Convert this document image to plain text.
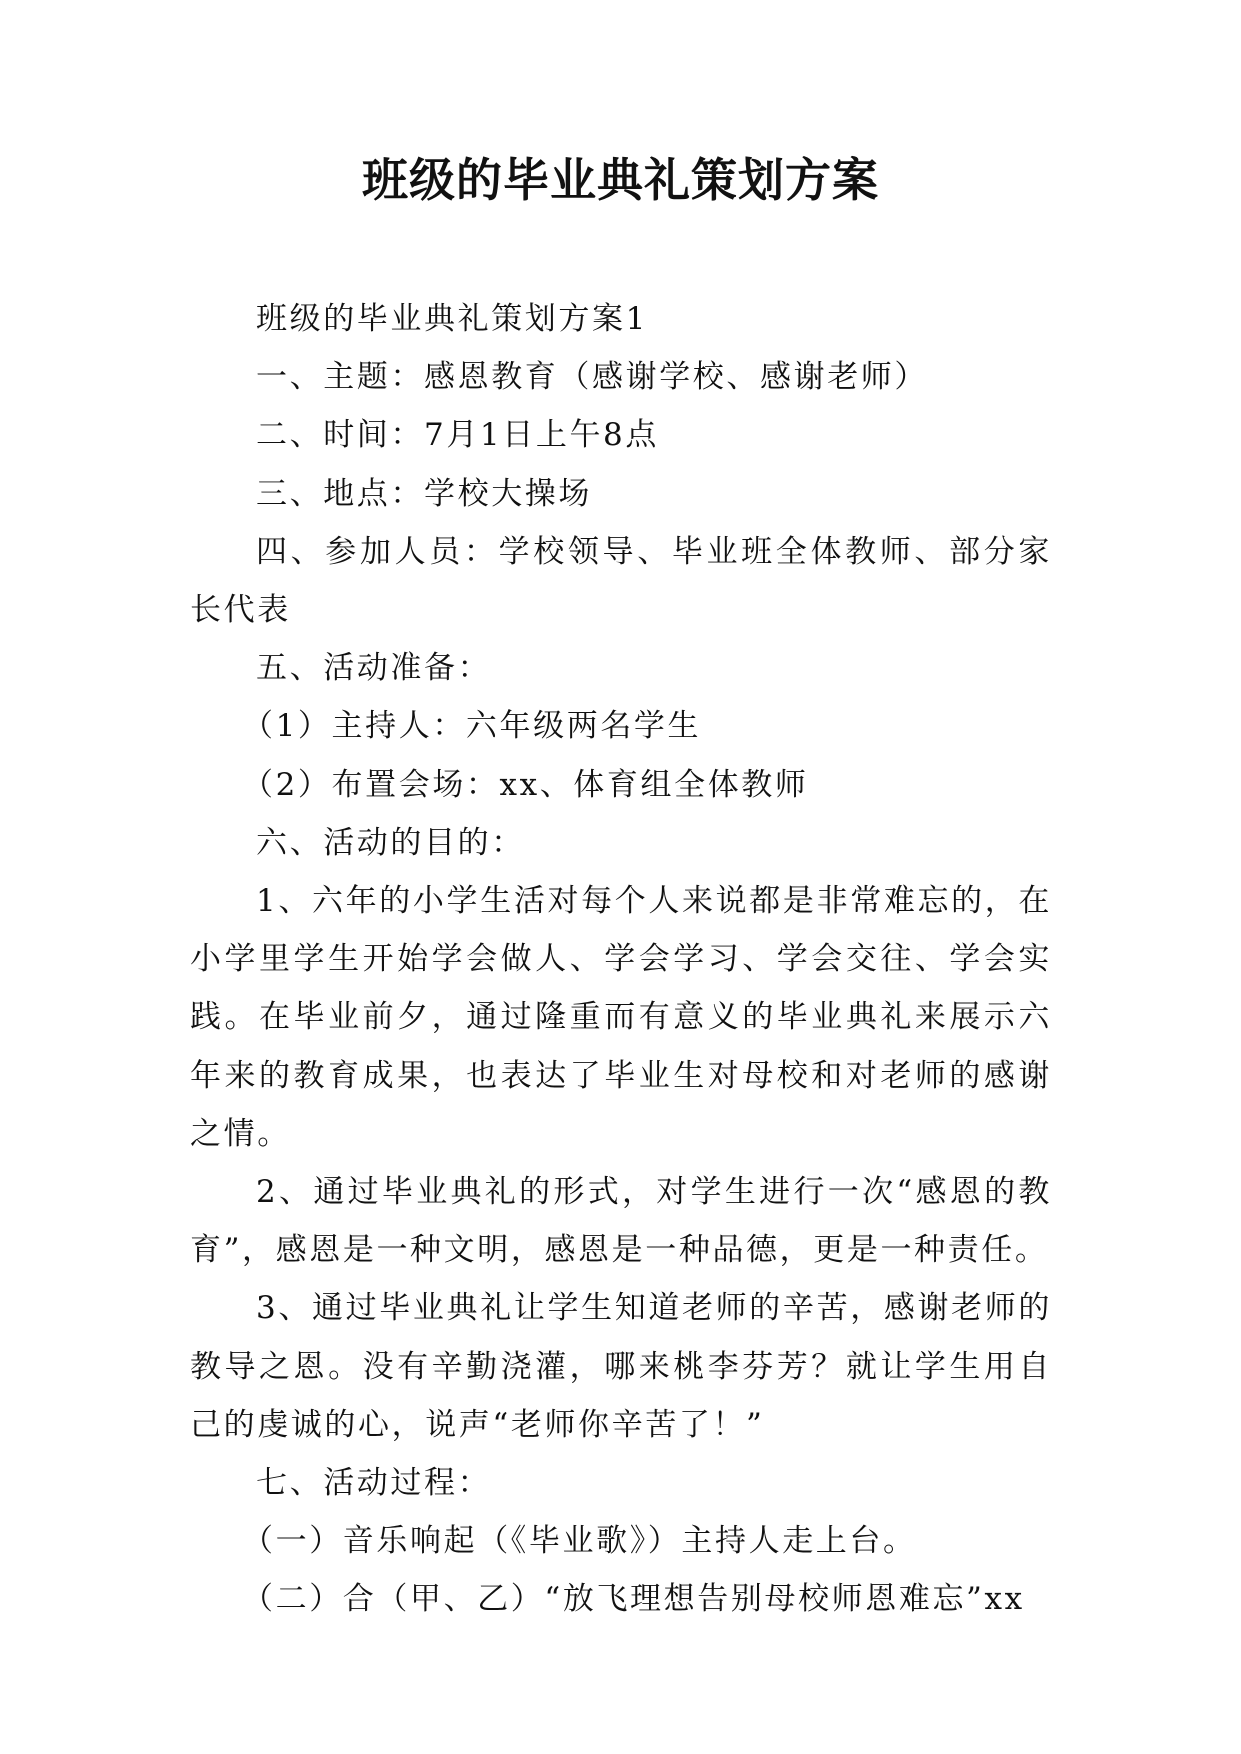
班级的毕业典礼策划方案

班级的毕业典礼策划方案1

一、主题：感恩教育（感谢学校、感谢老师）

二、时间：7月1日上午8点

三、地点：学校大操场

四、参加人员：学校领导、毕业班全体教师、部分家长代表

五、活动准备：

（1）主持人：六年级两名学生

（2）布置会场：xx、体育组全体教师

六、活动的目的：

1、六年的小学生活对每个人来说都是非常难忘的，在小学里学生开始学会做人、学会学习、学会交往、学会实践。在毕业前夕，通过隆重而有意义的毕业典礼来展示六年来的教育成果，也表达了毕业生对母校和对老师的感谢之情。

2、通过毕业典礼的形式，对学生进行一次“感恩的教育”，感恩是一种文明，感恩是一种品德，更是一种责任。

3、通过毕业典礼让学生知道老师的辛苦，感谢老师的教导之恩。没有辛勤浇灌，哪来桃李芬芳？就让学生用自己的虔诚的心，说声“老师你辛苦了！”

七、活动过程：

（一）音乐响起（《毕业歌》）主持人走上台。

（二）合（甲、乙）“放飞理想告别母校师恩难忘”xx
